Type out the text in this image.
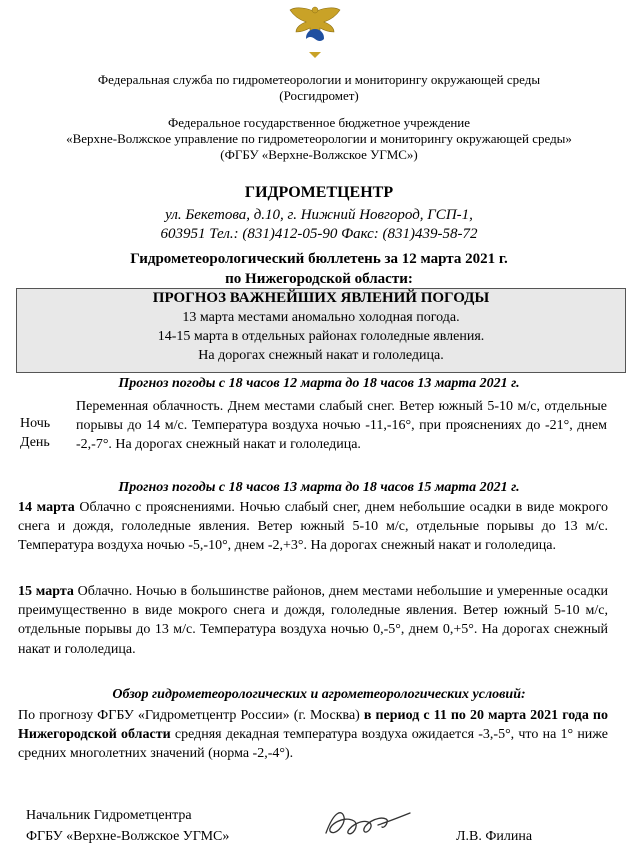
Федеральная служба по гидрометеорологии и мониторингу окружающей среды
(Росгидромет)
Федеральное государственное бюджетное учреждение
«Верхне-Волжское управление по гидрометеорологии и мониторингу окружающей среды»
(ФГБУ «Верхне-Волжское УГМС»)
ГИДРОМЕТЦЕНТР
ул. Бекетова, д.10, г. Нижний Новгород, ГСП-1,
603951 Тел.: (831)412-05-90 Факс: (831)439-58-72
Гидрометеорологический бюллетень за 12 марта 2021 г.
по Нижегородской области:
ПРОГНОЗ ВАЖНЕЙШИХ ЯВЛЕНИЙ ПОГОДЫ
13 марта местами аномально холодная погода.
14-15 марта в отдельных районах гололедные явления.
На дорогах снежный накат и гололедица.
Прогноз погоды с 18 часов 12 марта до 18 часов 13 марта 2021 г.
Ночь
День
Переменная облачность. Днем местами слабый снег. Ветер южный 5-10 м/с, отдельные порывы до 14 м/с. Температура воздуха ночью -11,-16°, при прояснениях до -21°, днем -2,-7°. На дорогах снежный накат и гололедица.
Прогноз погоды с 18 часов 13 марта до 18 часов 15 марта 2021 г.
14 марта Облачно с прояснениями. Ночью слабый снег, днем небольшие осадки в виде мокрого снега и дождя, гололедные явления. Ветер южный 5-10 м/с, отдельные порывы до 13 м/с. Температура воздуха ночью -5,-10°, днем -2,+3°. На дорогах снежный накат и гололедица.
15 марта Облачно. Ночью в большинстве районов, днем местами небольшие и умеренные осадки преимущественно в виде мокрого снега и дождя, гололедные явления. Ветер южный 5-10 м/с, отдельные порывы до 13 м/с. Температура воздуха ночью 0,-5°, днем 0,+5°. На дорогах снежный накат и гололедица.
Обзор гидрометеорологических и агрометеорологических условий:
По прогнозу ФГБУ «Гидрометцентр России» (г. Москва) в период с 11 по 20 марта 2021 года по Нижегородской области средняя декадная температура воздуха ожидается -3,-5°, что на 1° ниже средних многолетних значений (норма -2,-4°).
Начальник Гидрометцентра
ФГБУ «Верхне-Волжское УГМС»	Л.В. Филина
